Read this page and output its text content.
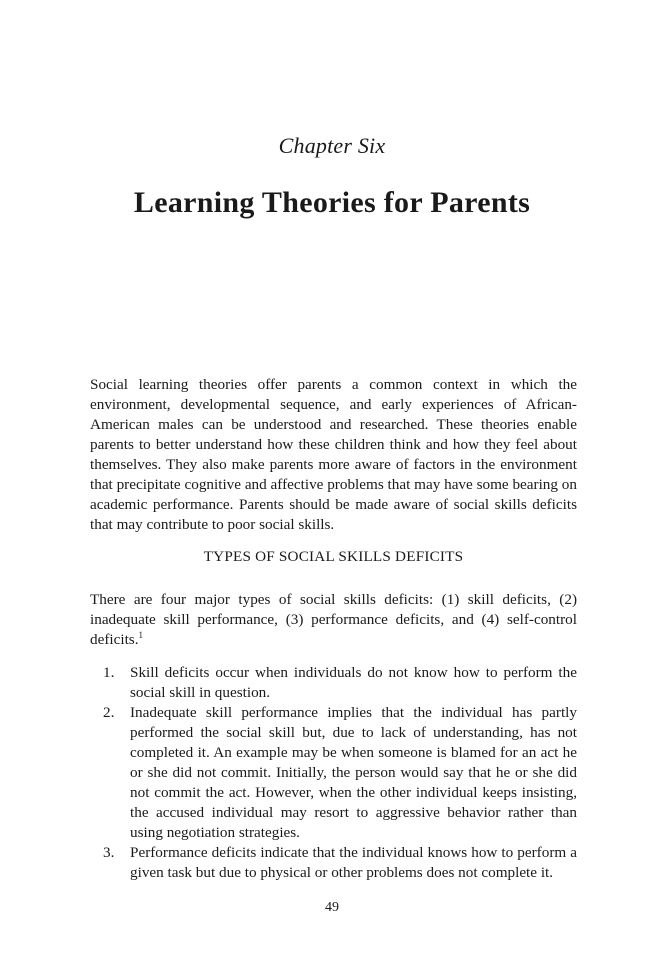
Chapter Six
Learning Theories for Parents

Social learning theories offer parents a common context in which the environment, developmental sequence, and early experiences of African-American males can be understood and researched. These theories enable parents to better understand how these children think and how they feel about themselves. They also make parents more aware of factors in the environment that precipitate cognitive and affective problems that may have some bearing on academic performance. Parents should be made aware of social skills deficits that may contribute to poor social skills.

TYPES OF SOCIAL SKILLS DEFICITS

There are four major types of social skills deficits: (1) skill deficits, (2) inadequate skill performance, (3) performance deficits, and (4) self-control deficits.$^1$

1. Skill deficits occur when individuals do not know how to perform the social skill in question.
2. Inadequate skill performance implies that the individual has partly performed the social skill but, due to lack of understanding, has not completed it. An example may be when someone is blamed for an act he or she did not commit. Initially, the person would say that he or she did not commit the act. However, when the other individual keeps insisting, the accused individual may resort to aggressive behavior rather than using negotiation strategies.
3. Performance deficits indicate that the individual knows how to perform a given task but due to physical or other problems does not complete it.
49
